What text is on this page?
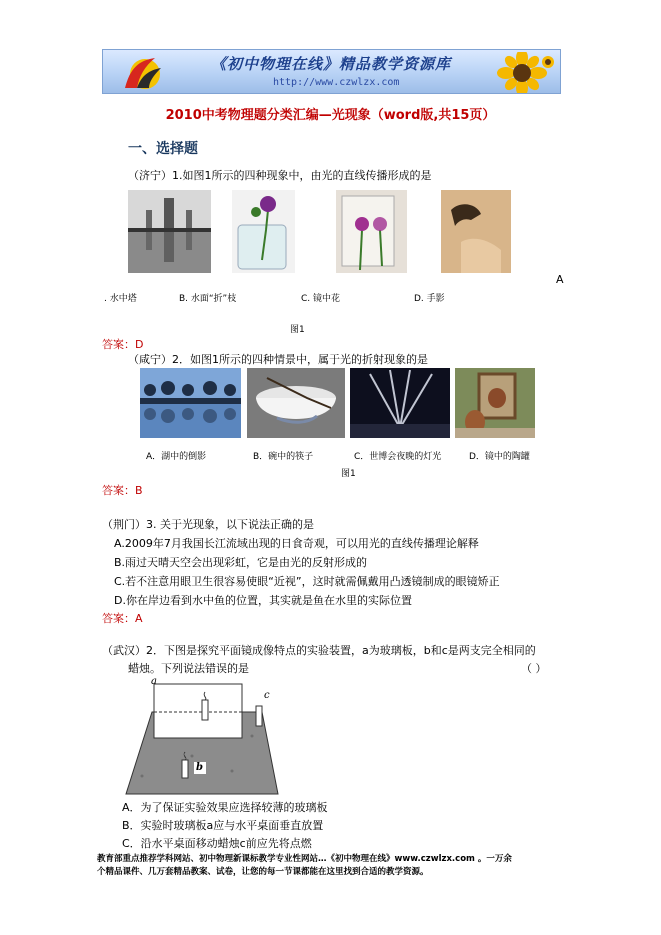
《初中物理在线》精品教学资源库
http://www.czwlzx.com
2010中考物理题分类汇编—光现象（word版,共15页）
一、选择题
（济宁）1.如图1所示的四种现象中，由光的直线传播形成的是
A
. 水中塔	B. 水面“折”枝	C. 镜中花	D. 手影
图1
答案：D
（咸宁）2．如图1所示的四种情景中，属于光的折射现象的是
A．湖中的倒影	B．碗中的筷子	C．世博会夜晚的灯光	D．镜中的陶罐
图1
答案：B
（荆门）3. 关于光现象，以下说法正确的是
A.2009年7月我国长江流域出现的日食奇观，可以用光的直线传播理论解释
B.雨过天晴天空会出现彩虹，它是由光的反射形成的
C.若不注意用眼卫生很容易使眼“近视”，这时就需佩戴用凸透镜制成的眼镜矫正
D.你在岸边看到水中鱼的位置，其实就是鱼在水里的实际位置
答案：A
（武汉）2．下图是探究平面镜成像特点的实验装置，a为玻璃板，b和c是两支完全相同的
蜡烛。下列说法错误的是	（ ）
a
b
c
A．为了保证实验效果应选择较薄的玻璃板
B．实验时玻璃板a应与水平桌面垂直放置
C．沿水平桌面移动蜡烛c前应先将点燃
教育部重点推荐学科网站、初中物理新课标教学专业性网站…《初中物理在线》www.czwlzx.com 。一万余
个精品课件、几万套精品教案、试卷，让您的每一节课都能在这里找到合适的教学资源。
